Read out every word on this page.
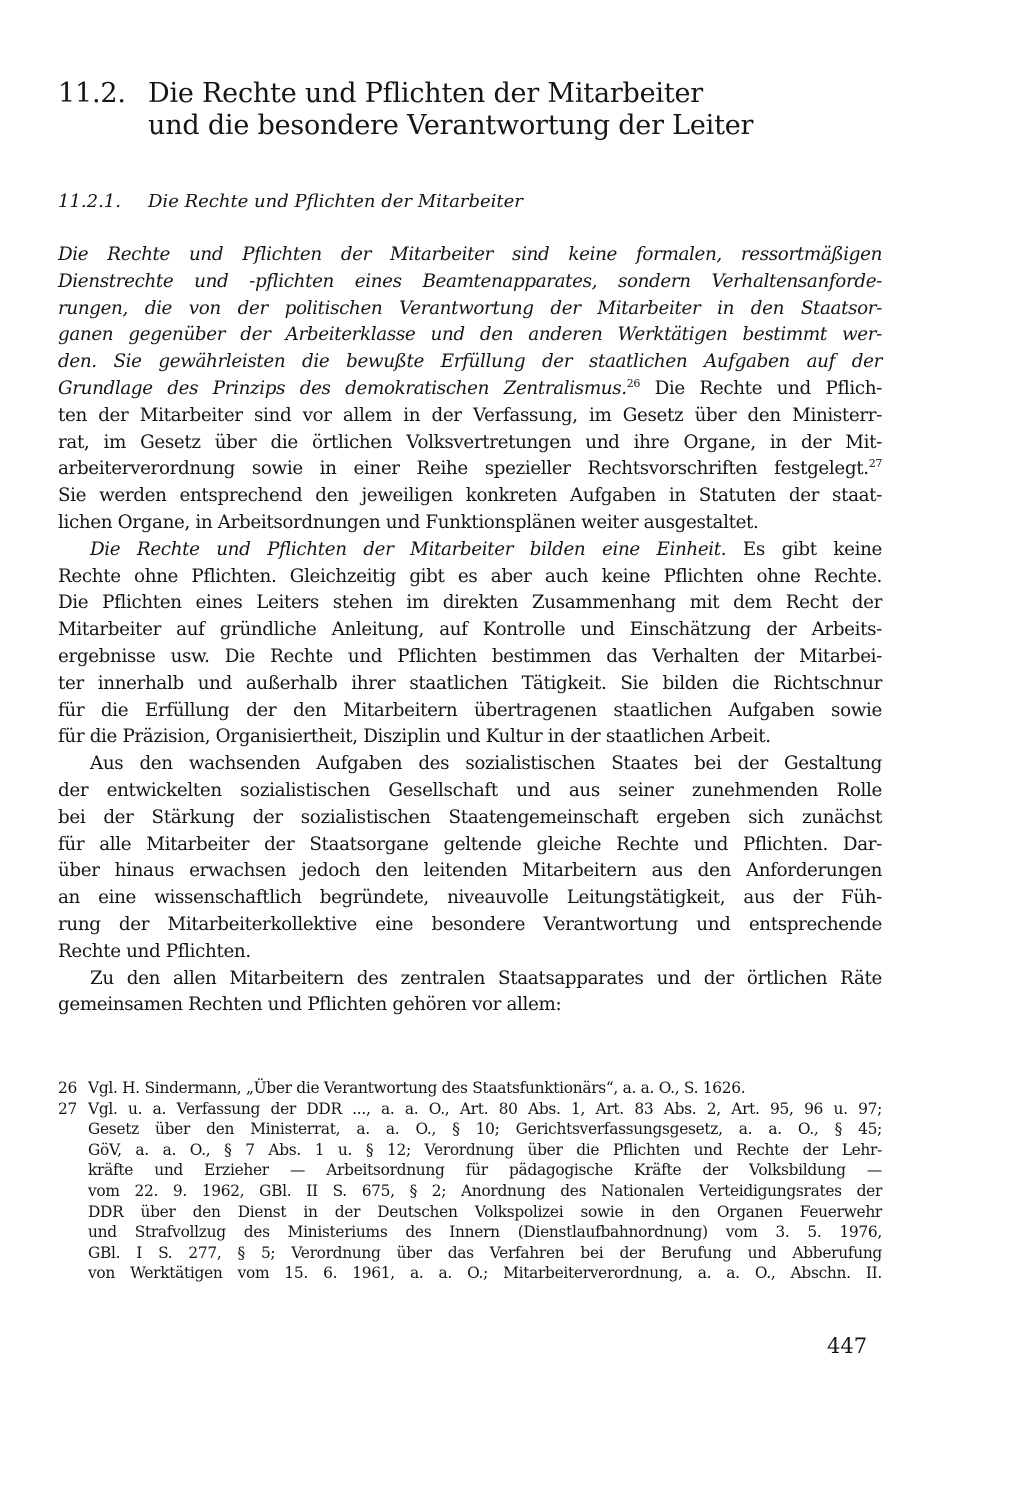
11.2. Die Rechte und Pflichten der Mitarbeiter
und die besondere Verantwortung der Leiter
11.2.1. Die Rechte und Pflichten der Mitarbeiter
Die Rechte und Pflichten der Mitarbeiter sind keine formalen, ressortmäßigen
Dienstrechte und -pflichten eines Beamtenapparates, sondern Verhaltensanforde-
rungen, die von der politischen Verantwortung der Mitarbeiter in den Staatsor-
ganen gegenüber der Arbeiterklasse und den anderen Werktätigen bestimmt wer-
den. Sie gewährleisten die bewußte Erfüllung der staatlichen Aufgaben auf der
Grundlage des Prinzips des demokratischen Zentralismus.$^{26}$ Die Rechte und Pflich-
ten der Mitarbeiter sind vor allem in der Verfassung, im Gesetz über den Ministerr-
rat, im Gesetz über die örtlichen Volksvertretungen und ihre Organe, in der Mit-
arbeiterverordnung sowie in einer Reihe spezieller Rechtsvorschriften festgelegt.$^{27}$
Sie werden entsprechend den jeweiligen konkreten Aufgaben in Statuten der staat-
lichen Organe, in Arbeitsordnungen und Funktionsplänen weiter ausgestaltet.
Die Rechte und Pflichten der Mitarbeiter bilden eine Einheit. Es gibt keine
Rechte ohne Pflichten. Gleichzeitig gibt es aber auch keine Pflichten ohne Rechte.
Die Pflichten eines Leiters stehen im direkten Zusammenhang mit dem Recht der
Mitarbeiter auf gründliche Anleitung, auf Kontrolle und Einschätzung der Arbeits-
ergebnisse usw. Die Rechte und Pflichten bestimmen das Verhalten der Mitarbei-
ter innerhalb und außerhalb ihrer staatlichen Tätigkeit. Sie bilden die Richtschnur
für die Erfüllung der den Mitarbeitern übertragenen staatlichen Aufgaben sowie
für die Präzision, Organisiertheit, Disziplin und Kultur in der staatlichen Arbeit.
Aus den wachsenden Aufgaben des sozialistischen Staates bei der Gestaltung
der entwickelten sozialistischen Gesellschaft und aus seiner zunehmenden Rolle
bei der Stärkung der sozialistischen Staatengemeinschaft ergeben sich zunächst
für alle Mitarbeiter der Staatsorgane geltende gleiche Rechte und Pflichten. Dar-
über hinaus erwachsen jedoch den leitenden Mitarbeitern aus den Anforderungen
an eine wissenschaftlich begründete, niveauvolle Leitungstätigkeit, aus der Füh-
rung der Mitarbeiterkollektive eine besondere Verantwortung und entsprechende
Rechte und Pflichten.
Zu den allen Mitarbeitern des zentralen Staatsapparates und der örtlichen Räte
gemeinsamen Rechten und Pflichten gehören vor allem:
26 Vgl. H. Sindermann, „Über die Verantwortung des Staatsfunktionärs“, a. a. O., S. 1626.
27 Vgl. u. a. Verfassung der DDR ..., a. a. O., Art. 80 Abs. 1, Art. 83 Abs. 2, Art. 95, 96 u. 97;
Gesetz über den Ministerrat, a. a. O., § 10; Gerichtsverfassungsgesetz, a. a. O., § 45;
GöV, a. a. O., § 7 Abs. 1 u. § 12; Verordnung über die Pflichten und Rechte der Lehr-
kräfte und Erzieher — Arbeitsordnung für pädagogische Kräfte der Volksbildung —
vom 22. 9. 1962, GBl. II S. 675, § 2; Anordnung des Nationalen Verteidigungsrates der
DDR über den Dienst in der Deutschen Volkspolizei sowie in den Organen Feuerwehr
und Strafvollzug des Ministeriums des Innern (Dienstlaufbahnordnung) vom 3. 5. 1976,
GBl. I S. 277, § 5; Verordnung über das Verfahren bei der Berufung und Abberufung
von Werktätigen vom 15. 6. 1961, a. a. O.; Mitarbeiterverordnung, a. a. O., Abschn. II.
447
